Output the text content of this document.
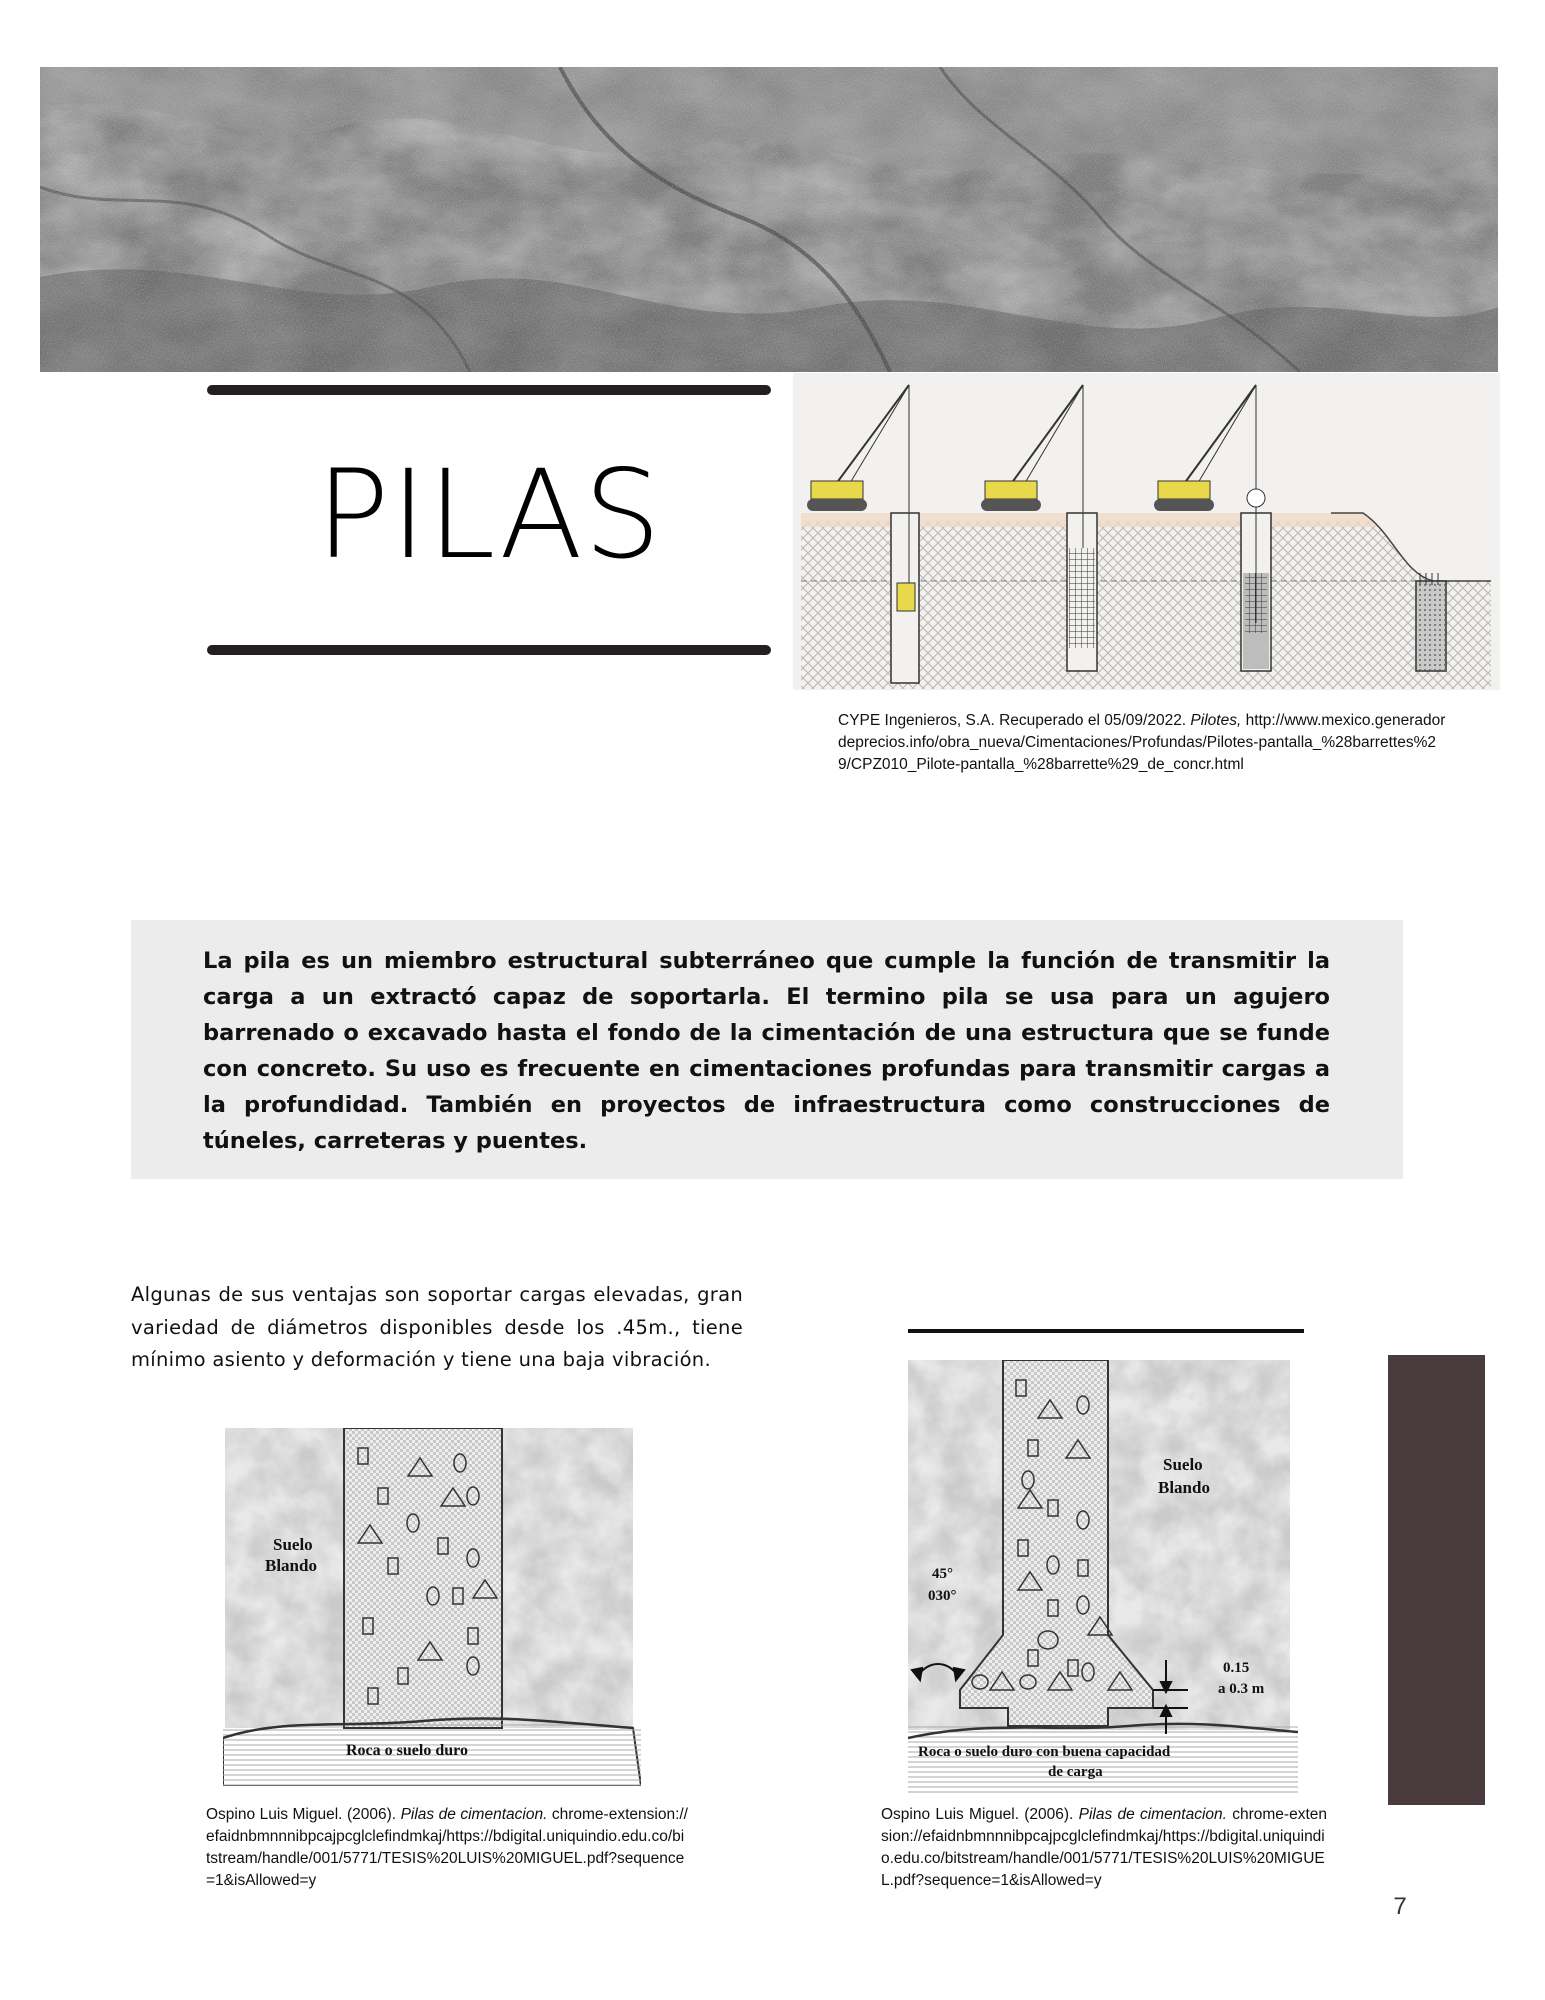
PILAS
CYPE Ingenieros, S.A. Recuperado el 05/09/2022. Pilotes, http://www.mexico.generadordeprecios.info/obra_nueva/Cimentaciones/Profundas/Pilotes-pantalla_%28barrettes%29/CPZ010_Pilote-pantalla_%28barrette%29_de_concr.html
La pila es un miembro estructural subterráneo que cumple la función de transmitir la carga a un extractó capaz de soportarla. El termino pila se usa para un agujero barrenado o excavado hasta el fondo de la cimentación de una estructura que se funde con concreto. Su uso es frecuente en cimentaciones profundas para transmitir cargas a la profundidad. También en proyectos de infraestructura como construcciones de túneles, carreteras y puentes.
Algunas de sus ventajas son soportar cargas elevadas, gran variedad de diámetros disponibles desde los .45m., tiene mínimo asiento y deformación y tiene una baja vibración.
Suelo
Blando
Roca o suelo duro
Suelo
Blando
45°
030°
0.15
a 0.3 m
Roca o suelo duro con buena capacidad
de carga
Ospino Luis Miguel. (2006). Pilas de cimentacion. chrome-extension://efaidnbmnnnibpcajpcglclefindmkaj/https://bdigital.uniquindio.edu.co/bitstream/handle/001/5771/TESIS%20LUIS%20MIGUEL.pdf?sequence=1&isAllowed=y
Ospino Luis Miguel. (2006). Pilas de cimentacion. chrome-extension://efaidnbmnnnibpcajpcglclefindmkaj/https://bdigital.uniquindio.edu.co/bitstream/handle/001/5771/TESIS%20LUIS%20MIGUEL.pdf?sequence=1&isAllowed=y
7
